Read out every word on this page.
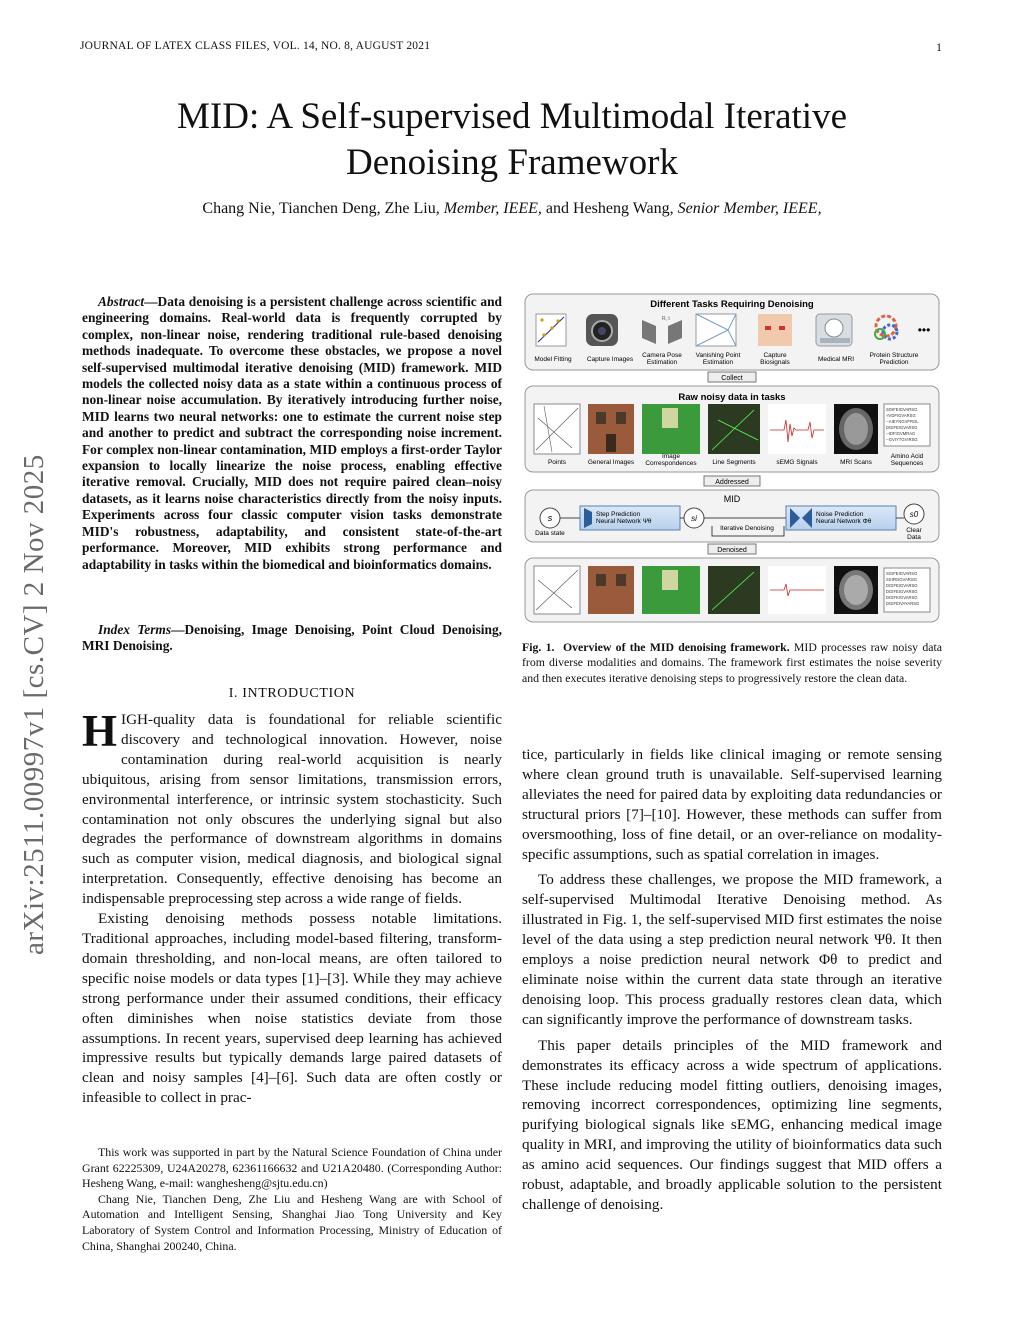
JOURNAL OF LATEX CLASS FILES, VOL. 14, NO. 8, AUGUST 2021	1
MID: A Self-supervised Multimodal Iterative
Denoising Framework
Chang Nie, Tianchen Deng, Zhe Liu, Member, IEEE, and Hesheng Wang, Senior Member, IEEE,
arXiv:2511.00997v1 [cs.CV] 2 Nov 2025
Abstract—Data denoising is a persistent challenge across scientific and engineering domains. Real-world data is frequently corrupted by complex, non-linear noise, rendering traditional rule-based denoising methods inadequate. To overcome these obstacles, we propose a novel self-supervised multimodal iterative denoising (MID) framework. MID models the collected noisy data as a state within a continuous process of non-linear noise accumulation. By iteratively introducing further noise, MID learns two neural networks: one to estimate the current noise step and another to predict and subtract the corresponding noise increment. For complex non-linear contamination, MID employs a first-order Taylor expansion to locally linearize the noise process, enabling effective iterative removal. Crucially, MID does not require paired clean–noisy datasets, as it learns noise characteristics directly from the noisy inputs. Experiments across four classic computer vision tasks demonstrate MID's robustness, adaptability, and consistent state-of-the-art performance. Moreover, MID exhibits strong performance and adaptability in tasks within the biomedical and bioinformatics domains.
Index Terms—Denoising, Image Denoising, Point Cloud Denoising, MRI Denoising.
I. INTRODUCTION

HIGH-quality data is foundational for reliable scientific discovery and technological innovation. However, noise contamination during real-world acquisition is nearly ubiquitous, arising from sensor limitations, transmission errors, environmental interference, or intrinsic system stochasticity. Such contamination not only obscures the underlying signal but also degrades the performance of downstream algorithms in domains such as computer vision, medical diagnosis, and biological signal interpretation. Consequently, effective denoising has become an indispensable preprocessing step across a wide range of fields.

Existing denoising methods possess notable limitations. Traditional approaches, including model-based filtering, transform-domain thresholding, and non-local means, are often tailored to specific noise models or data types [1]–[3]. While they may achieve strong performance under their assumed conditions, their efficacy often diminishes when noise statistics deviate from those assumptions. In recent years, supervised deep learning has achieved impressive results but typically demands large paired datasets of clean and noisy samples [4]–[6]. Such data are often costly or infeasible to collect in prac-

This work was supported in part by the Natural Science Foundation of China under Grant 62225309, U24A20278, 62361166632 and U21A20480. (Corresponding Author: Hesheng Wang, e-mail: wanghesheng@sjtu.edu.cn)

Chang Nie, Tianchen Deng, Zhe Liu and Hesheng Wang are with School of Automation and Intelligent Sensing, Shanghai Jiao Tong University and Key Laboratory of System Control and Information Processing, Ministry of Education of China, Shanghai 200240, China.

Different Tasks Requiring Denoising
R, t
•••
Model Fitting Capture Images
Camera Pose Estimation
Vanishing Point Estimation
Capture Biosignals	Medical MRI
Protein Structure Prediction
Collect
Raw noisy data in tasks
SGIFEIGVARSG
-IVDFIGVARSG
--AIEYNGVFRGL
DGIFEIGVARSG
--IDFIGVMRAG
--GVIYTGVIRSG
Points	General Images
Image Correspondences Line Segments	sEMG Signals	MRI Scans
Amino Acid Sequences
Addressed
MID
s
Data state
Step Prediction
Neural Network Ψθ	si
Iterative Denoising
Noise Prediction
Neural Network Φθ
s0
Clear Data
Denoised
SGIFEIGVARSG
SSIFEIGVARSG
DGIFEIGVARSG
DGIFEIGVARSG
DGIFKIGVARSG
DGIFEIVAYARSG
Fig. 1. Overview of the MID denoising framework. MID processes raw noisy data from diverse modalities and domains. The framework first estimates the noise severity and then executes iterative denoising steps to progressively restore the clean data.

tice, particularly in fields like clinical imaging or remote sensing where clean ground truth is unavailable. Self-supervised learning alleviates the need for paired data by exploiting data redundancies or structural priors [7]–[10]. However, these methods can suffer from oversmoothing, loss of fine detail, or an over-reliance on modality-specific assumptions, such as spatial correlation in images.

To address these challenges, we propose the MID framework, a self-supervised Multimodal Iterative Denoising method. As illustrated in Fig. 1, the self-supervised MID first estimates the noise level of the data using a step prediction neural network Ψθ. It then employs a noise prediction neural network Φθ to predict and eliminate noise within the current data state through an iterative denoising loop. This process gradually restores clean data, which can significantly improve the performance of downstream tasks.

This paper details principles of the MID framework and demonstrates its efficacy across a wide spectrum of applications. These include reducing model fitting outliers, denoising images, removing incorrect correspondences, optimizing line segments, purifying biological signals like sEMG, enhancing medical image quality in MRI, and improving the utility of bioinformatics data such as amino acid sequences. Our findings suggest that MID offers a robust, adaptable, and broadly applicable solution to the persistent challenge of denoising.
